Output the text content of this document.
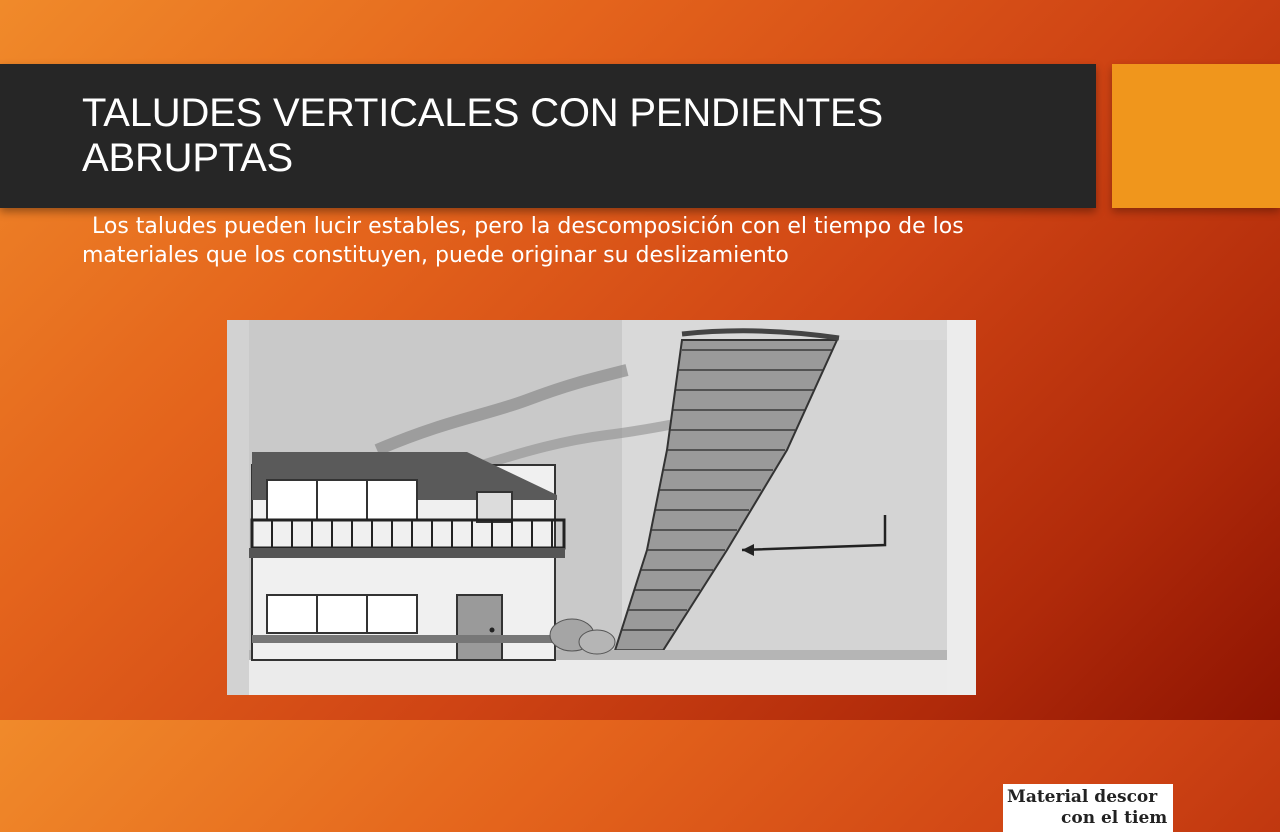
TALUDES VERTICALES CON PENDIENTES ABRUPTAS
Los taludes pueden lucir estables, pero la descomposición con el tiempo de los materiales que los constituyen, puede originar su deslizamiento
Material descor
con el tiem
